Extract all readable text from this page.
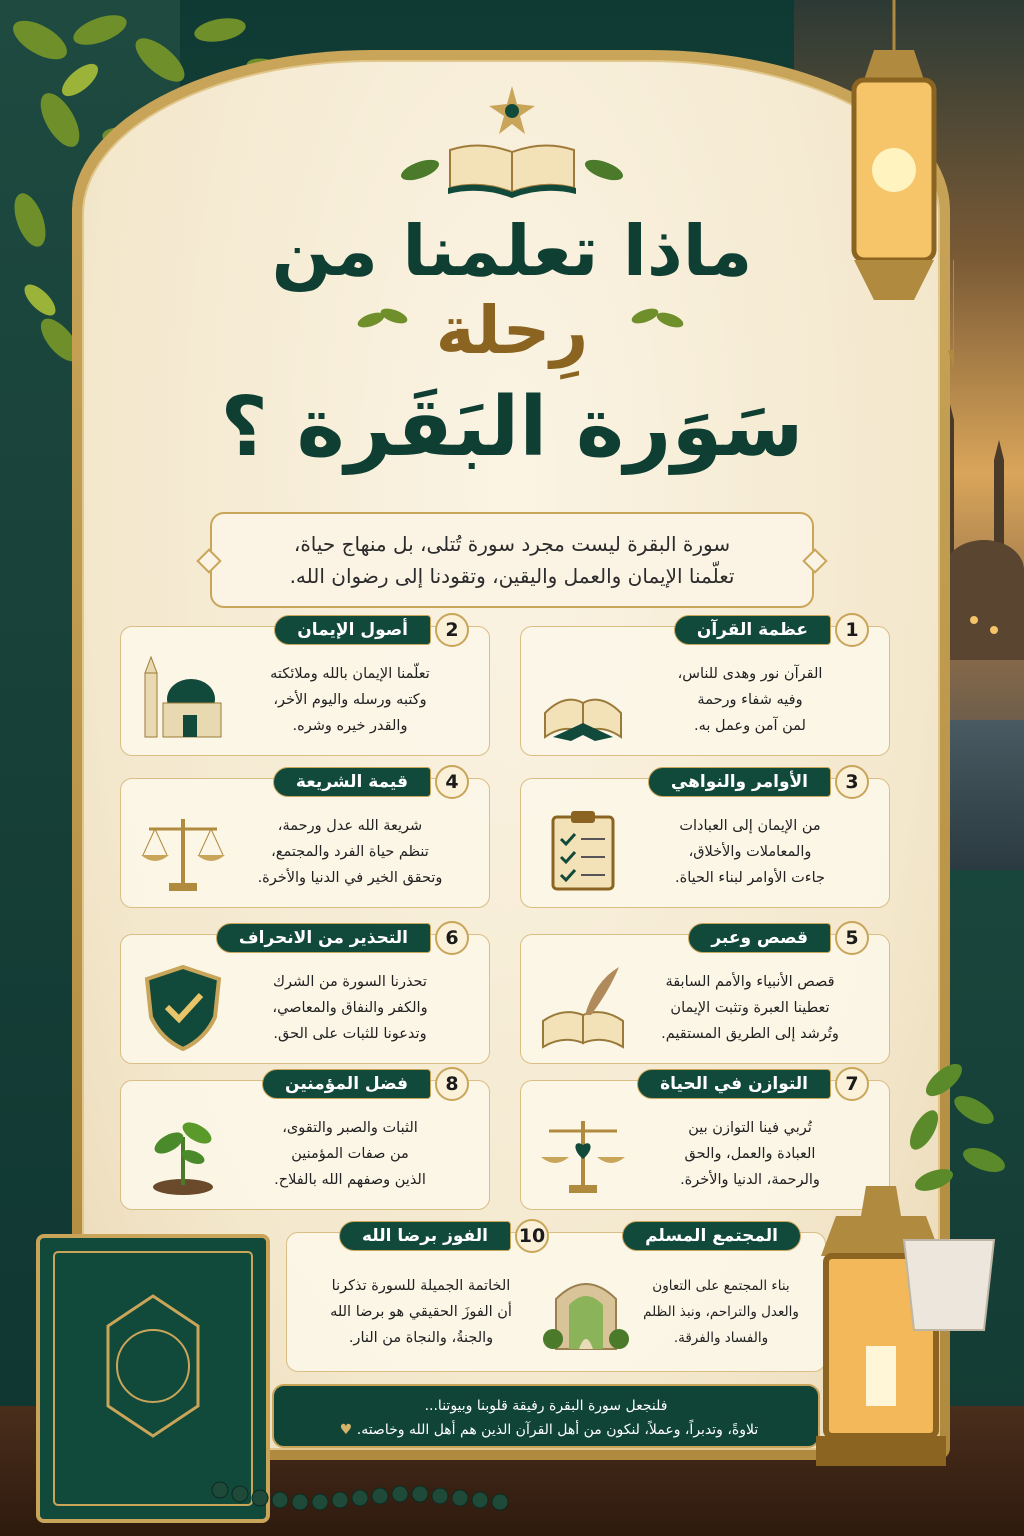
ماذا تعلمنا من
رِحلة
سَوَرة البَقَرة ؟
سورة البقرة ليست مجرد سورة تُتلى، بل منهاج حياة،
تعلّمنا الإيمان والعمل واليقين، وتقودنا إلى رضوان الله.
1
عظمة القرآن
القرآن نور وهدى للناس،
وفيه شفاء ورحمة
لمن آمن وعمل به.
2
أصول الإيمان
تعلّمنا الإيمان بالله وملائكته
وكتبه ورسله واليوم الأخر،
والقدر خيره وشره.
3
الأوامر والنواهي
من الإيمان إلى العبادات
والمعاملات والأخلاق،
جاءت الأوامر لبناء الحياة.
4
قيمة الشريعة
شريعة الله عدل ورحمة،
تنظم حياة الفرد والمجتمع،
وتحقق الخير في الدنيا والأخرة.
5
قصص وعبر
قصص الأنبياء والأمم السابقة
تعطينا العبرة وتثبت الإيمان
وتُرشد إلى الطريق المستقيم.
6
التحذير من الانحراف
تحذرنا السورة من الشرك
والكفر والنفاق والمعاصي،
وتدعونا للثبات على الحق.
7
التوازن في الحياة
تُربي فينا التوازن بين
العبادة والعمل، والحق
والرحمة، الدنيا والأخرة.
8
فضل المؤمنين
الثبات والصبر والتقوى،
من صفات المؤمنين
الذين وصفهم الله بالفلاح.
المجتمع المسلم
10
الفوز برضا الله
بناء المجتمع على التعاون
والعدل والتراحم، ونبذ الظلم
والفساد والفرقة.
الخاتمة الجميلة للسورة تذكرنا
أن الفوزَ الحقيقي هو برضا الله
والجنةُ، والنجاة من النار.
فلنجعل سورة البقرة رفيقة قلوبنا وبيوتنا...
تلاوةً، وتدبراً، وعملاً، لنكون من أهل القرآن الذين هم أهل الله وخاصته. ♥
